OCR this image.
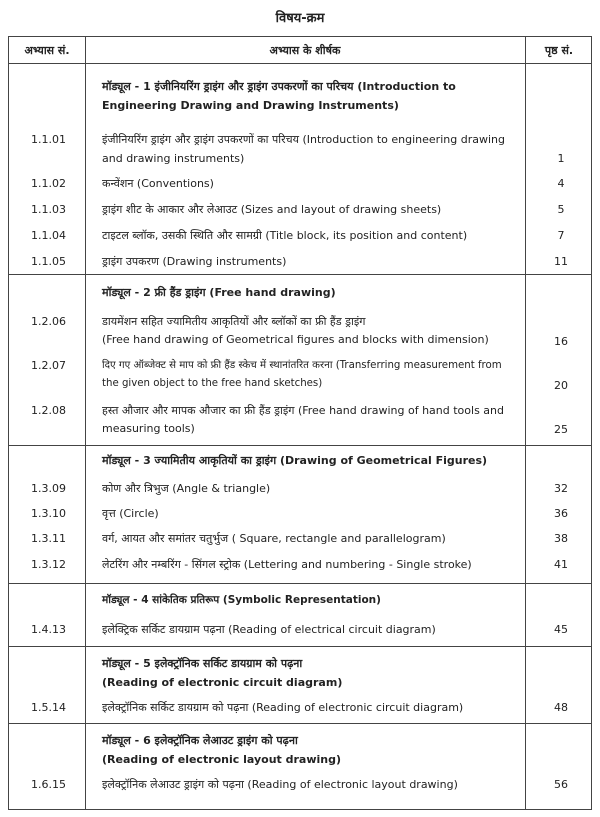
विषय-क्रम
अभ्यास सं.	अभ्यास के शीर्षक	पृष्ठ सं.
मॉड्यूल - 1 इंजीनियरिंग ड्राइंग और ड्राइंग उपकरणों का परिचय (Introduction to
Engineering Drawing and Drawing Instruments)
1.1.01	इंजीनियरिंग ड्राइंग और ड्राइंग उपकरणों का परिचय (Introduction to engineering drawing
and drawing instruments)	1
1.1.02	कन्वेंशन (Conventions)	4
1.1.03	ड्राइंग शीट के आकार और लेआउट (Sizes and layout of drawing sheets)	5
1.1.04	टाइटल ब्लॉक, उसकी स्थिति और सामग्री (Title block, its position and content)	7
1.1.05	ड्राइंग उपकरण (Drawing instruments)	11
मॉड्यूल - 2 फ्री हैंड ड्राइंग (Free hand drawing)
1.2.06	डायमेंशन सहित ज्यामितीय आकृतियों और ब्लॉकों का फ्री हैंड ड्राइंग
(Free hand drawing of Geometrical figures and blocks with dimension)	16
1.2.07	दिए गए ऑब्जेक्ट से माप को फ्री हैंड स्केच में स्थानांतरित करना (Transferring measurement from
the given object to the free hand sketches)	20
1.2.08	हस्त औजार और मापक औजार का फ्री हैंड ड्राइंग (Free hand drawing of hand tools and
measuring tools)	25
मॉड्यूल - 3 ज्यामितीय आकृतियों का ड्राइंग (Drawing of Geometrical Figures)
1.3.09	कोण और त्रिभुज (Angle & triangle)	32
1.3.10	वृत्त (Circle)	36
1.3.11	वर्ग, आयत और समांतर चतुर्भुज ( Square, rectangle and parallelogram)	38
1.3.12	लेटरिंग और नम्बरिंग - सिंगल स्ट्रोक (Lettering and numbering - Single stroke)	41
मॉड्यूल - 4 सांकेतिक प्रतिरूप (Symbolic Representation)
1.4.13	इलेक्ट्रिक सर्किट डायग्राम पढ़ना (Reading of electrical circuit diagram)	45
मॉड्यूल - 5 इलेक्ट्रॉनिक सर्किट डायग्राम को पढ़ना
(Reading of electronic circuit diagram)
1.5.14	इलेक्ट्रॉनिक सर्किट डायग्राम को पढ़ना (Reading of electronic circuit diagram)	48
मॉड्यूल - 6 इलेक्ट्रॉनिक लेआउट ड्राइंग को पढ़ना
(Reading of electronic layout drawing)
1.6.15	इलेक्ट्रॉनिक लेआउट ड्राइंग को पढ़ना (Reading of electronic layout drawing)	56
